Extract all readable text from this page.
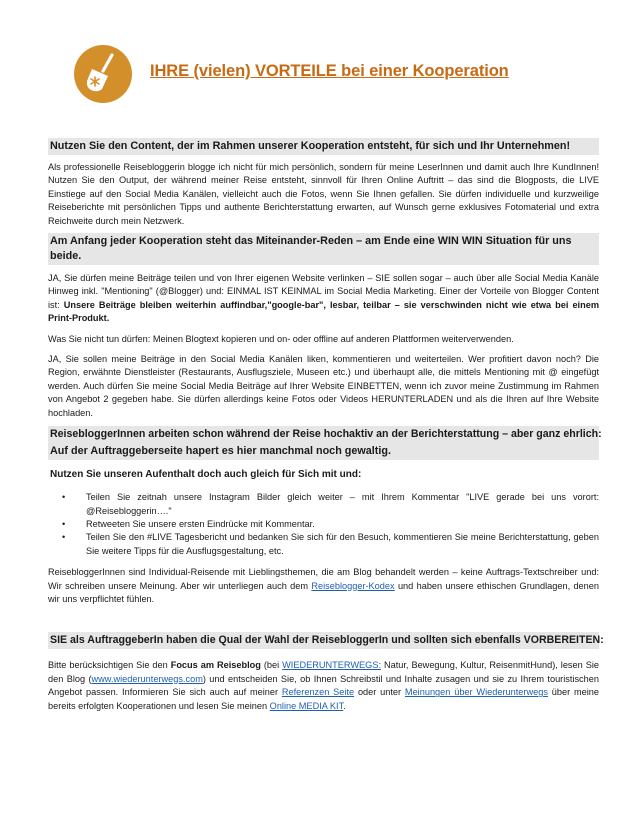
IHRE (vielen) VORTEILE bei einer Kooperation
Nutzen Sie den Content, der im Rahmen unserer Kooperation entsteht, für sich und Ihr Unternehmen!

Als professionelle Reisebloggerin blogge ich nicht für mich persönlich, sondern für meine LeserInnen und damit auch Ihre KundInnen! Nutzen Sie den Output, der während meiner Reise entsteht, sinnvoll für Ihren Online Auftritt – das sind die Blogposts, die LIVE Einstiege auf den Social Media Kanälen, vielleicht auch die Fotos, wenn Sie Ihnen gefallen. Sie dürfen individuelle und kurzweilige Reiseberichte mit persönlichen Tipps und authente Berichterstattung erwarten, auf Wunsch gerne exklusives Fotomaterial und extra Reichweite durch mein Netzwerk.

Am Anfang jeder Kooperation steht das Miteinander-Reden – am Ende eine WIN WIN Situation für uns beide.

JA, Sie dürfen meine Beiträge teilen und von Ihrer eigenen Website verlinken – SIE sollen sogar – auch über alle Social Media Kanäle Hinweg inkl. "Mentioning" (@Blogger) und: EINMAL IST KEINMAL im Social Media Marketing. Einer der Vorteile von Blogger Content ist: Unsere Beiträge bleiben weiterhin auffindbar,"google-bar", lesbar, teilbar – sie verschwinden nicht wie etwa bei einem Print-Produkt.

Was Sie nicht tun dürfen: Meinen Blogtext kopieren und on- oder offline auf anderen Plattformen weiterverwenden.

JA, Sie sollen meine Beiträge in den Social Media Kanälen liken, kommentieren und weiterteilen. Wer profitiert davon noch? Die Region, erwähnte Dienstleister (Restaurants, Ausflugsziele, Museen etc.) und überhaupt alle, die mittels Mentioning mit @ eingefügt werden. Auch dürfen Sie meine Social Media Beiträge auf Ihrer Website EINBETTEN, wenn ich zuvor meine Zustimmung im Rahmen von Angebot 2 gegeben habe. Sie dürfen allerdings keine Fotos oder Videos HERUNTERLADEN und als die Ihren auf Ihre Website hochladen.

ReisebloggerInnen arbeiten schon während der Reise hochaktiv an der Berichterstattung – aber ganz ehrlich:
Auf der Auftraggeberseite hapert es hier manchmal noch gewaltig.
Nutzen Sie unseren Aufenthalt doch auch gleich für Sich mit und:
• Teilen Sie zeitnah unsere Instagram Bilder gleich weiter – mit Ihrem Kommentar "LIVE gerade bei uns vorort: @Reisebloggerin…."
• Retweeten Sie unsere ersten Eindrücke mit Kommentar.
• Teilen Sie den #LIVE Tagesbericht und bedanken Sie sich für den Besuch, kommentieren Sie meine Berichterstattung, geben Sie weitere Tipps für die Ausflugsgestaltung, etc.

ReisebloggerInnen sind Individual-Reisende mit Lieblingsthemen, die am Blog behandelt werden – keine Auftrags-Textschreiber und: Wir schreiben unsere Meinung. Aber wir unterliegen auch dem Reiseblogger-Kodex und haben unsere ethischen Grundlagen, denen wir uns verpflichtet fühlen.

SIE als AuftraggeberIn haben die Qual der Wahl der ReisebloggerIn und sollten sich ebenfalls VORBEREITEN:

Bitte berücksichtigen Sie den Focus am Reiseblog (bei WIEDERUNTERWEGS: Natur, Bewegung, Kultur, ReisenmitHund), lesen Sie den Blog (www.wiederunterwegs.com) und entscheiden Sie, ob Ihnen Schreibstil und Inhalte zusagen und sie zu Ihrem touristischen Angebot passen. Informieren Sie sich auch auf meiner Referenzen Seite oder unter Meinungen über Wiederunterwegs über meine bereits erfolgten Kooperationen und lesen Sie meinen Online MEDIA KIT.
